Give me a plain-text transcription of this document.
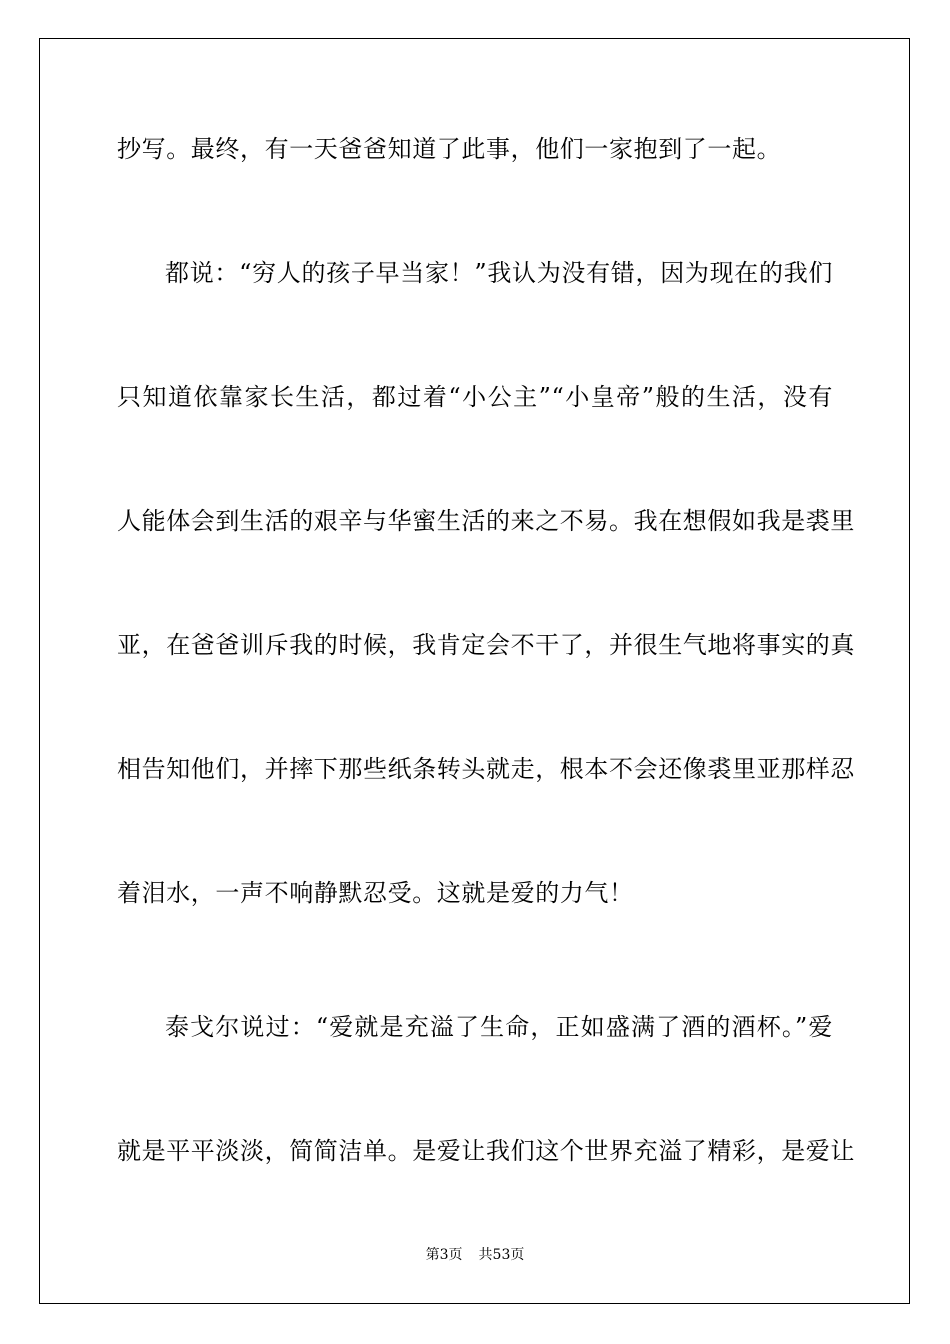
抄写。最终，有一天爸爸知道了此事，他们一家抱到了一起。
都说：“穷人的孩子早当家！”我认为没有错，因为现在的我们
只知道依靠家长生活，都过着“小公主”“小皇帝”般的生活，没有
人能体会到生活的艰辛与华蜜生活的来之不易。我在想假如我是裘里
亚，在爸爸训斥我的时候，我肯定会不干了，并很生气地将事实的真
相告知他们，并摔下那些纸条转头就走，根本不会还像裘里亚那样忍
着泪水，一声不响静默忍受。这就是爱的力气！
泰戈尔说过：“爱就是充溢了生命，正如盛满了酒的酒杯。”爱
就是平平淡淡，简简洁单。是爱让我们这个世界充溢了精彩，是爱让
第3页 共53页
